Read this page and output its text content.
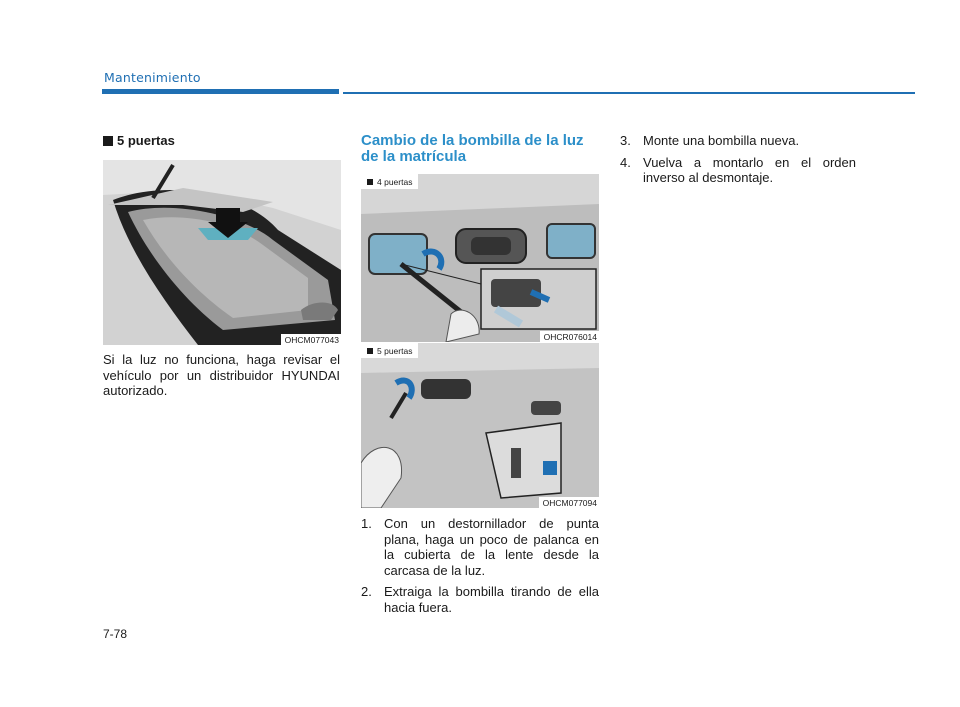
Mantenimiento
5 puertas
OHCM077043
Si la luz no funciona, haga revisar el vehículo por un distribuidor HYUNDAI autorizado.
Cambio de la bombilla de la luz de la matrícula
4 puertas
OHCR076014
5 puertas
OHCM077094
1. Con un destornillador de punta plana, haga un poco de palanca en la cubierta de la lente desde la carcasa de la luz.
2. Extraiga la bombilla tirando de ella hacia fuera.
3. Monte una bombilla nueva.
4. Vuelva a montarlo en el orden inverso al desmontaje.
7-78
